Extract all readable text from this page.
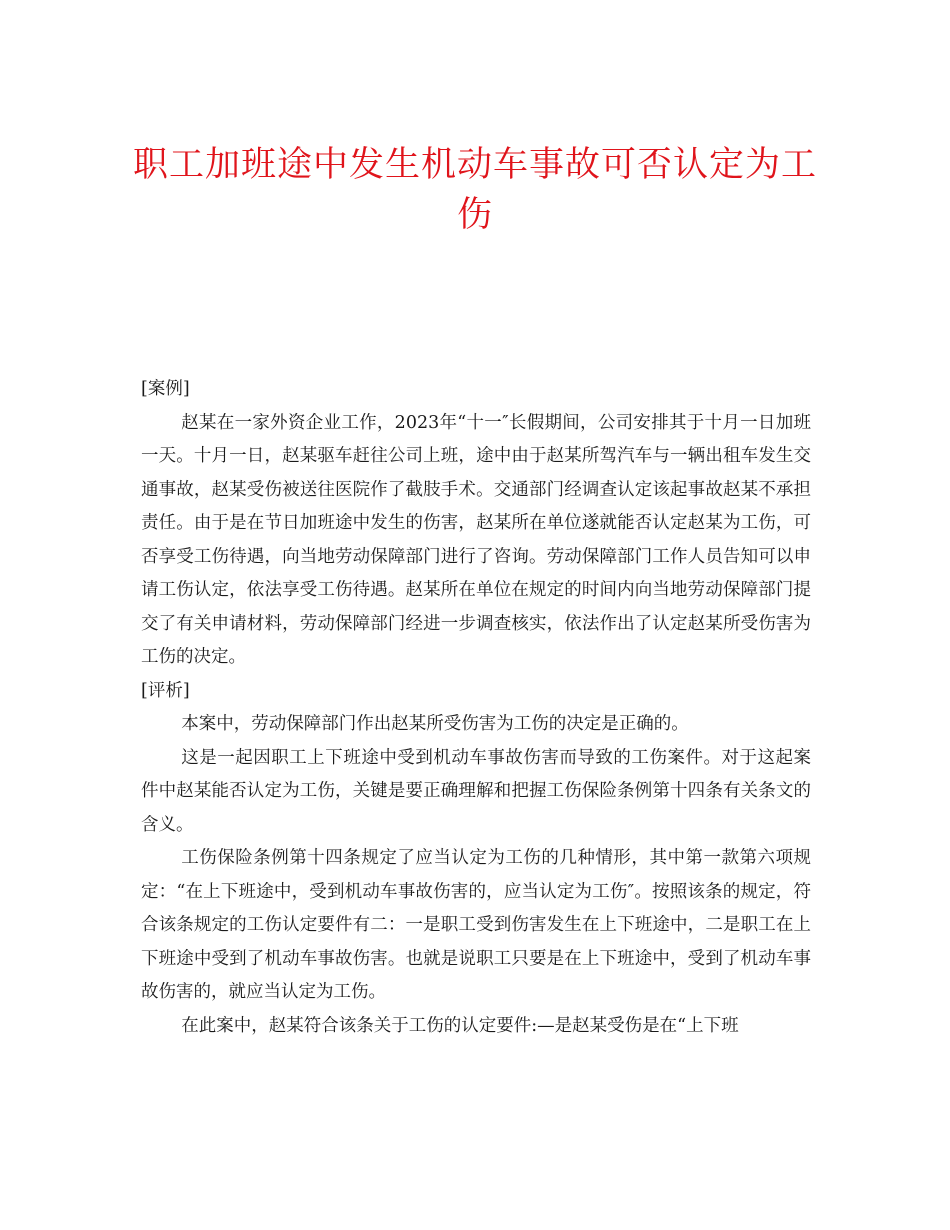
职工加班途中发生机动车事故可否认定为工伤

[案例]

赵某在一家外资企业工作，2023年“十一″长假期间，公司安排其于十月一日加班一天。十月一日，赵某驱车赶往公司上班，途中由于赵某所驾汽车与一辆出租车发生交通事故，赵某受伤被送往医院作了截肢手术。交通部门经调查认定该起事故赵某不承担责任。由于是在节日加班途中发生的伤害，赵某所在单位遂就能否认定赵某为工伤，可否享受工伤待遇，向当地劳动保障部门进行了咨询。劳动保障部门工作人员告知可以申请工伤认定，依法享受工伤待遇。赵某所在单位在规定的时间内向当地劳动保障部门提交了有关申请材料，劳动保障部门经进一步调查核实，依法作出了认定赵某所受伤害为工伤的决定。

[评析]

本案中，劳动保障部门作出赵某所受伤害为工伤的决定是正确的。

这是一起因职工上下班途中受到机动车事故伤害而导致的工伤案件。对于这起案件中赵某能否认定为工伤，关键是要正确理解和把握工伤保险条例第十四条有关条文的含义。

工伤保险条例第十四条规定了应当认定为工伤的几种情形，其中第一款第六项规定：“在上下班途中，受到机动车事故伤害的，应当认定为工伤″。按照该条的规定，符合该条规定的工伤认定要件有二：一是职工受到伤害发生在上下班途中，二是职工在上下班途中受到了机动车事故伤害。也就是说职工只要是在上下班途中，受到了机动车事故伤害的，就应当认定为工伤。

在此案中，赵某符合该条关于工伤的认定要件:—是赵某受伤是在“上下班
